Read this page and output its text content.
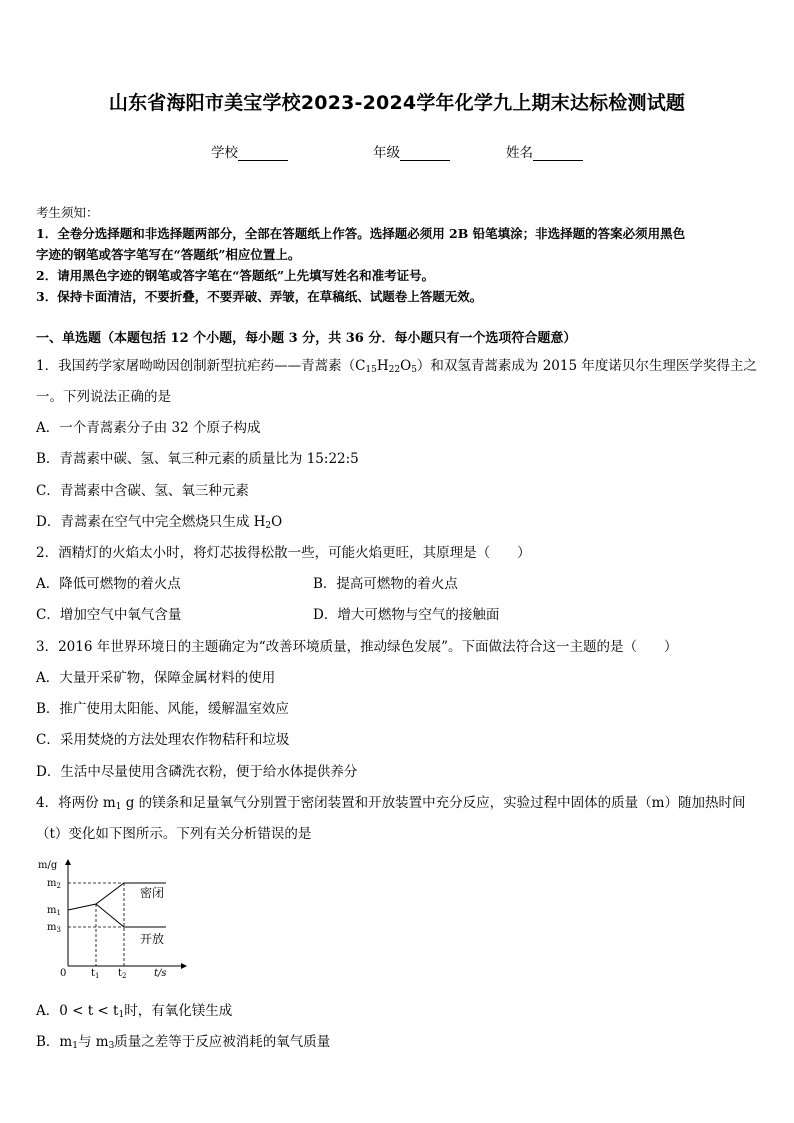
山东省海阳市美宝学校2023-2024学年化学九上期末达标检测试题
学校	年级	姓名
考生须知：
1．全卷分选择题和非选择题两部分，全部在答题纸上作答。选择题必须用 2B 铅笔填涂；非选择题的答案必须用黑色
字迹的钢笔或答字笔写在“答题纸”相应位置上。
2．请用黑色字迹的钢笔或答字笔在“答题纸”上先填写姓名和准考证号。
3．保持卡面清洁，不要折叠，不要弄破、弄皱，在草稿纸、试题卷上答题无效。
一、单选题（本题包括 12 个小题，每小题 3 分，共 36 分．每小题只有一个选项符合题意）
1．我国药学家屠呦呦因创制新型抗疟药——青蒿素$(C_{15}H_{22}O_5)$和双氢青蒿素成为 2015 年度诺贝尔生理医学奖得主之
一。下列说法正确的是
A．一个青蒿素分子由 32 个原子构成
B．青蒿素中碳、氢、氧三种元素的质量比为 15:22:5
C．青蒿素中含碳、氢、氧三种元素
D．青蒿素在空气中完全燃烧只生成 $H_2O$
2．酒精灯的火焰太小时，将灯芯拔得松散一些，可能火焰更旺，其原理是（　　）
A．降低可燃物的着火点	B．提高可燃物的着火点
C．增加空气中氧气含量	D．增大可燃物与空气的接触面
3．2016 年世界环境日的主题确定为“改善环境质量，推动绿色发展”。下面做法符合这一主题的是（　　）
A．大量开采矿物，保障金属材料的使用
B．推广使用太阳能、风能，缓解温室效应
C．采用焚烧的方法处理农作物秸秆和垃圾
D．生活中尽量使用含磷洗衣粉，便于给水体提供养分
4．将两份 $m_1$ g 的镁条和足量氧气分别置于密闭装置和开放装置中充分反应，实验过程中固体的质量（m）随加热时间
（t）变化如下图所示。下列有关分析错误的是
m/g
t/s
0
$m_2$
$m_1$
$m_3$
$t_1$ $t_2$
密闭
开放
A．$0 < t < t_1$时，有氧化镁生成
B．$m_1$与 $m_3$质量之差等于反应被消耗的氧气质量
